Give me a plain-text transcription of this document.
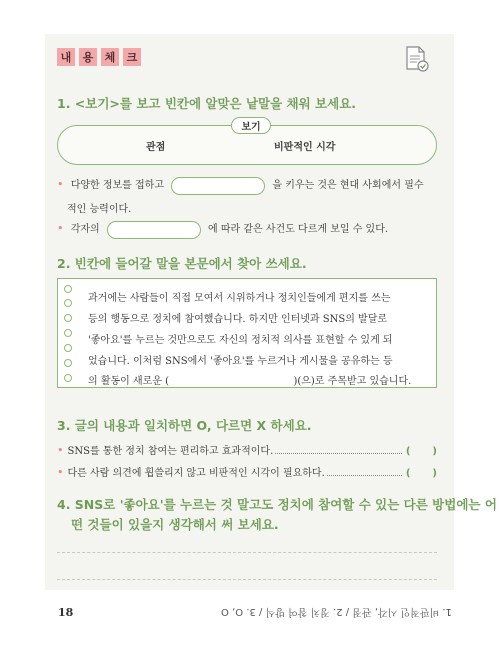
내	용	체	크
1. <보기>를 보고 빈칸에 알맞은 낱말을 채워 보세요.
보기
관점	비판적인 시각
• 다양한 정보를 접하고	을 키우는 것은 현대 사회에서 필수
적인 능력이다.
• 각자의	에 따라 같은 사건도 다르게 보일 수 있다.
2. 빈칸에 들어갈 말을 본문에서 찾아 쓰세요.
과거에는 사람들이 직접 모여서 시위하거나 정치인들에게 편지를 쓰는
등의 행동으로 정치에 참여했습니다. 하지만 인터넷과 SNS의 발달로
'좋아요'를 누르는 것만으로도 자신의 정치적 의사를 표현할 수 있게 되
었습니다. 이처럼 SNS에서 '좋아요'를 누르거나 게시물을 공유하는 등
의 활동이 새로운 (	)(으)로 주목받고 있습니다.
3. 글의 내용과 일치하면 O, 다르면 X 하세요.
• SNS를 통한 정치 참여는 편리하고 효과적이다.	( )
• 다른 사람 의견에 휩쓸리지 않고 비판적인 시각이 필요하다.	( )
4. SNS로 '좋아요'를 누르는 것 말고도 정치에 참여할 수 있는 다른 방법에는 어
떤 것들이 있을지 생각해서 써 보세요.
18	1. 비판적인 시각, 관점 / 2. 정치 참여 방식 / 3. O, O
